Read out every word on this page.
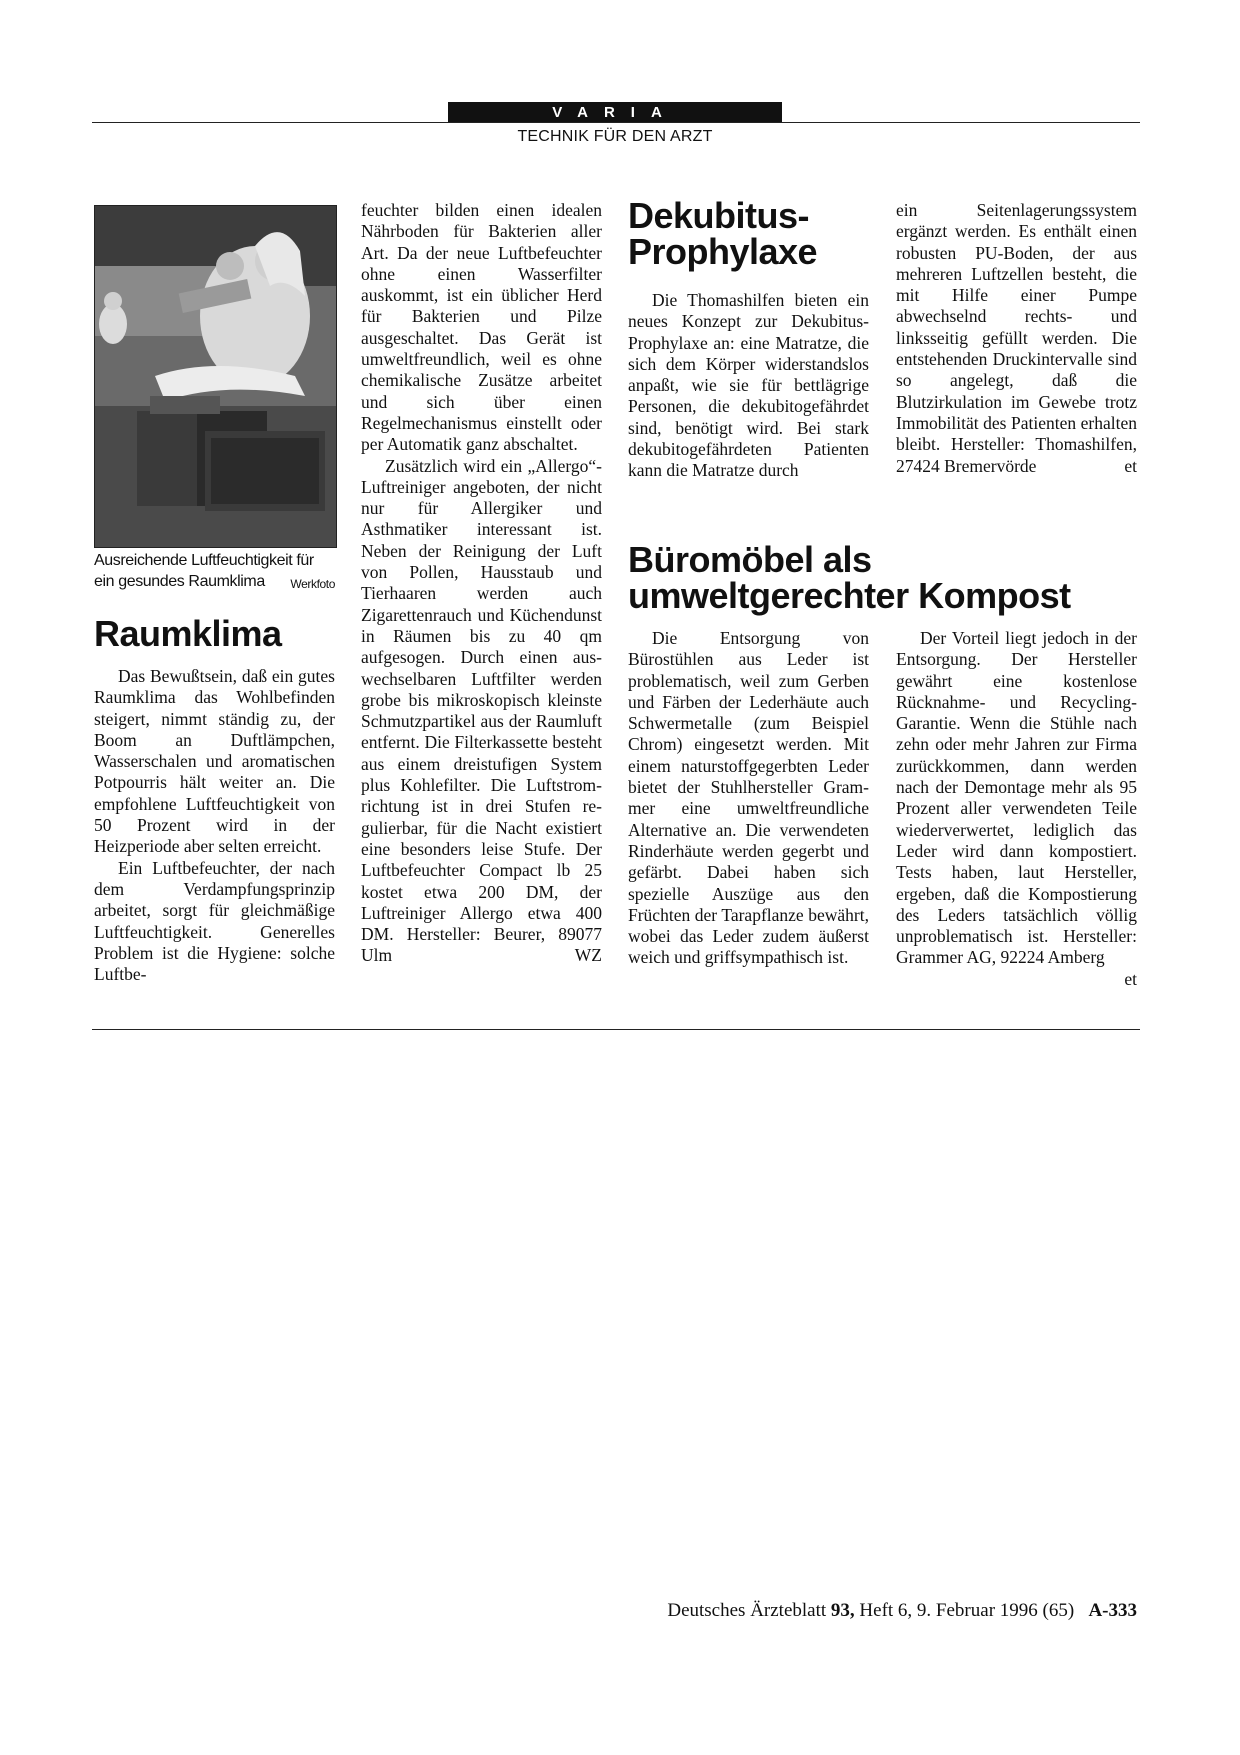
VARIA
TECHNIK FÜR DEN ARZT
Ausreichende Luftfeuchtigkeit für ein gesundes Raumklima Werkfoto
Raumklima

Das Bewußtsein, daß ein gutes Raumklima das Wohlbefinden steigert, nimmt ständig zu, der Boom an Duftlämpchen, Wasserschalen und aromatischen Potpourris hält weiter an. Die empfohlene Luftfeuchtigkeit von 50 Prozent wird in der Heizperiode aber selten erreicht.

Ein Luftbefeuchter, der nach dem Verdampfungsprinzip arbeitet, sorgt für gleichmäßige Luftfeuchtigkeit. Generelles Problem ist die Hygiene: solche Luftbe-

feuchter bilden einen idealen Nährboden für Bakterien aller Art. Da der neue Luftbefeuchter ohne einen Wasserfilter auskommt, ist ein üblicher Herd für Bakterien und Pilze ausgeschaltet. Das Gerät ist umweltfreundlich, weil es ohne chemikalische Zusätze arbeitet und sich über einen Regelmechanismus einstellt oder per Automatik ganz abschaltet.

Zusätzlich wird ein „Allergo“-Luftreiniger angeboten, der nicht nur für Allergiker und Asthmatiker interessant ist. Neben der Reinigung der Luft von Pollen, Hausstaub und Tierhaaren werden auch Zigarettenrauch und Küchendunst in Räumen bis zu 40 qm aufgesogen. Durch einen auswechselbaren Luftfilter werden grobe bis mikroskopisch kleinste Schmutzpartikel aus der Raumluft entfernt. Die Filterkassette besteht aus einem dreistufigen System plus Kohlefilter. Die Luftstromrichtung ist in drei Stufen regulierbar, für die Nacht existiert eine besonders leise Stufe. Der Luftbefeuchter Compact lb 25 kostet etwa 200 DM, der Luftreiniger Allergo etwa 400 DM. Hersteller: Beurer, 89077 Ulm	WZ

Dekubitus-
Prophylaxe

Die Thomashilfen bieten ein neues Konzept zur Dekubitus-Prophylaxe an: eine Matratze, die sich dem Körper widerstandslos anpaßt, wie sie für bettlägrige Personen, die dekubitogefährdet sind, benötigt wird. Bei stark dekubitogefährdeten Patienten kann die Matratze durch

ein Seitenlagerungssystem ergänzt werden. Es enthält einen robusten PU-Boden, der aus mehreren Luftzellen besteht, die mit Hilfe einer Pumpe abwechselnd rechts- und linksseitig gefüllt werden. Die entstehenden Druckintervalle sind so angelegt, daß die Blutzirkulation im Gewebe trotz Immobilität des Patienten erhalten bleibt. Hersteller: Thomashilfen, 27424 Bremervörde	et

Büromöbel als
umweltgerechter Kompost

Die Entsorgung von Bürostühlen aus Leder ist problematisch, weil zum Gerben und Färben der Lederhäute auch Schwermetalle (zum Beispiel Chrom) eingesetzt werden. Mit einem naturstoffgegerbten Leder bietet der Stuhlhersteller Grammer eine umweltfreundliche Alternative an. Die verwendeten Rinderhäute werden gegerbt und gefärbt. Dabei haben sich spezielle Auszüge aus den Früchten der Tarapflanze bewährt, wobei das Leder zudem äußerst weich und griffsympathisch ist.

Der Vorteil liegt jedoch in der Entsorgung. Der Hersteller gewährt eine kostenlose Rücknahme- und Recycling-Garantie. Wenn die Stühle nach zehn oder mehr Jahren zur Firma zurückkommen, dann werden nach der Demontage mehr als 95 Prozent aller verwendeten Teile wiederverwertet, lediglich das Leder wird dann kompostiert. Tests haben, laut Hersteller, ergeben, daß die Kompostierung des Leders tatsächlich völlig unproblematisch ist. Hersteller: Grammer AG, 92224 Amberg
et

Deutsches Ärzteblatt 93, Heft 6, 9. Februar 1996 (65) A-333
